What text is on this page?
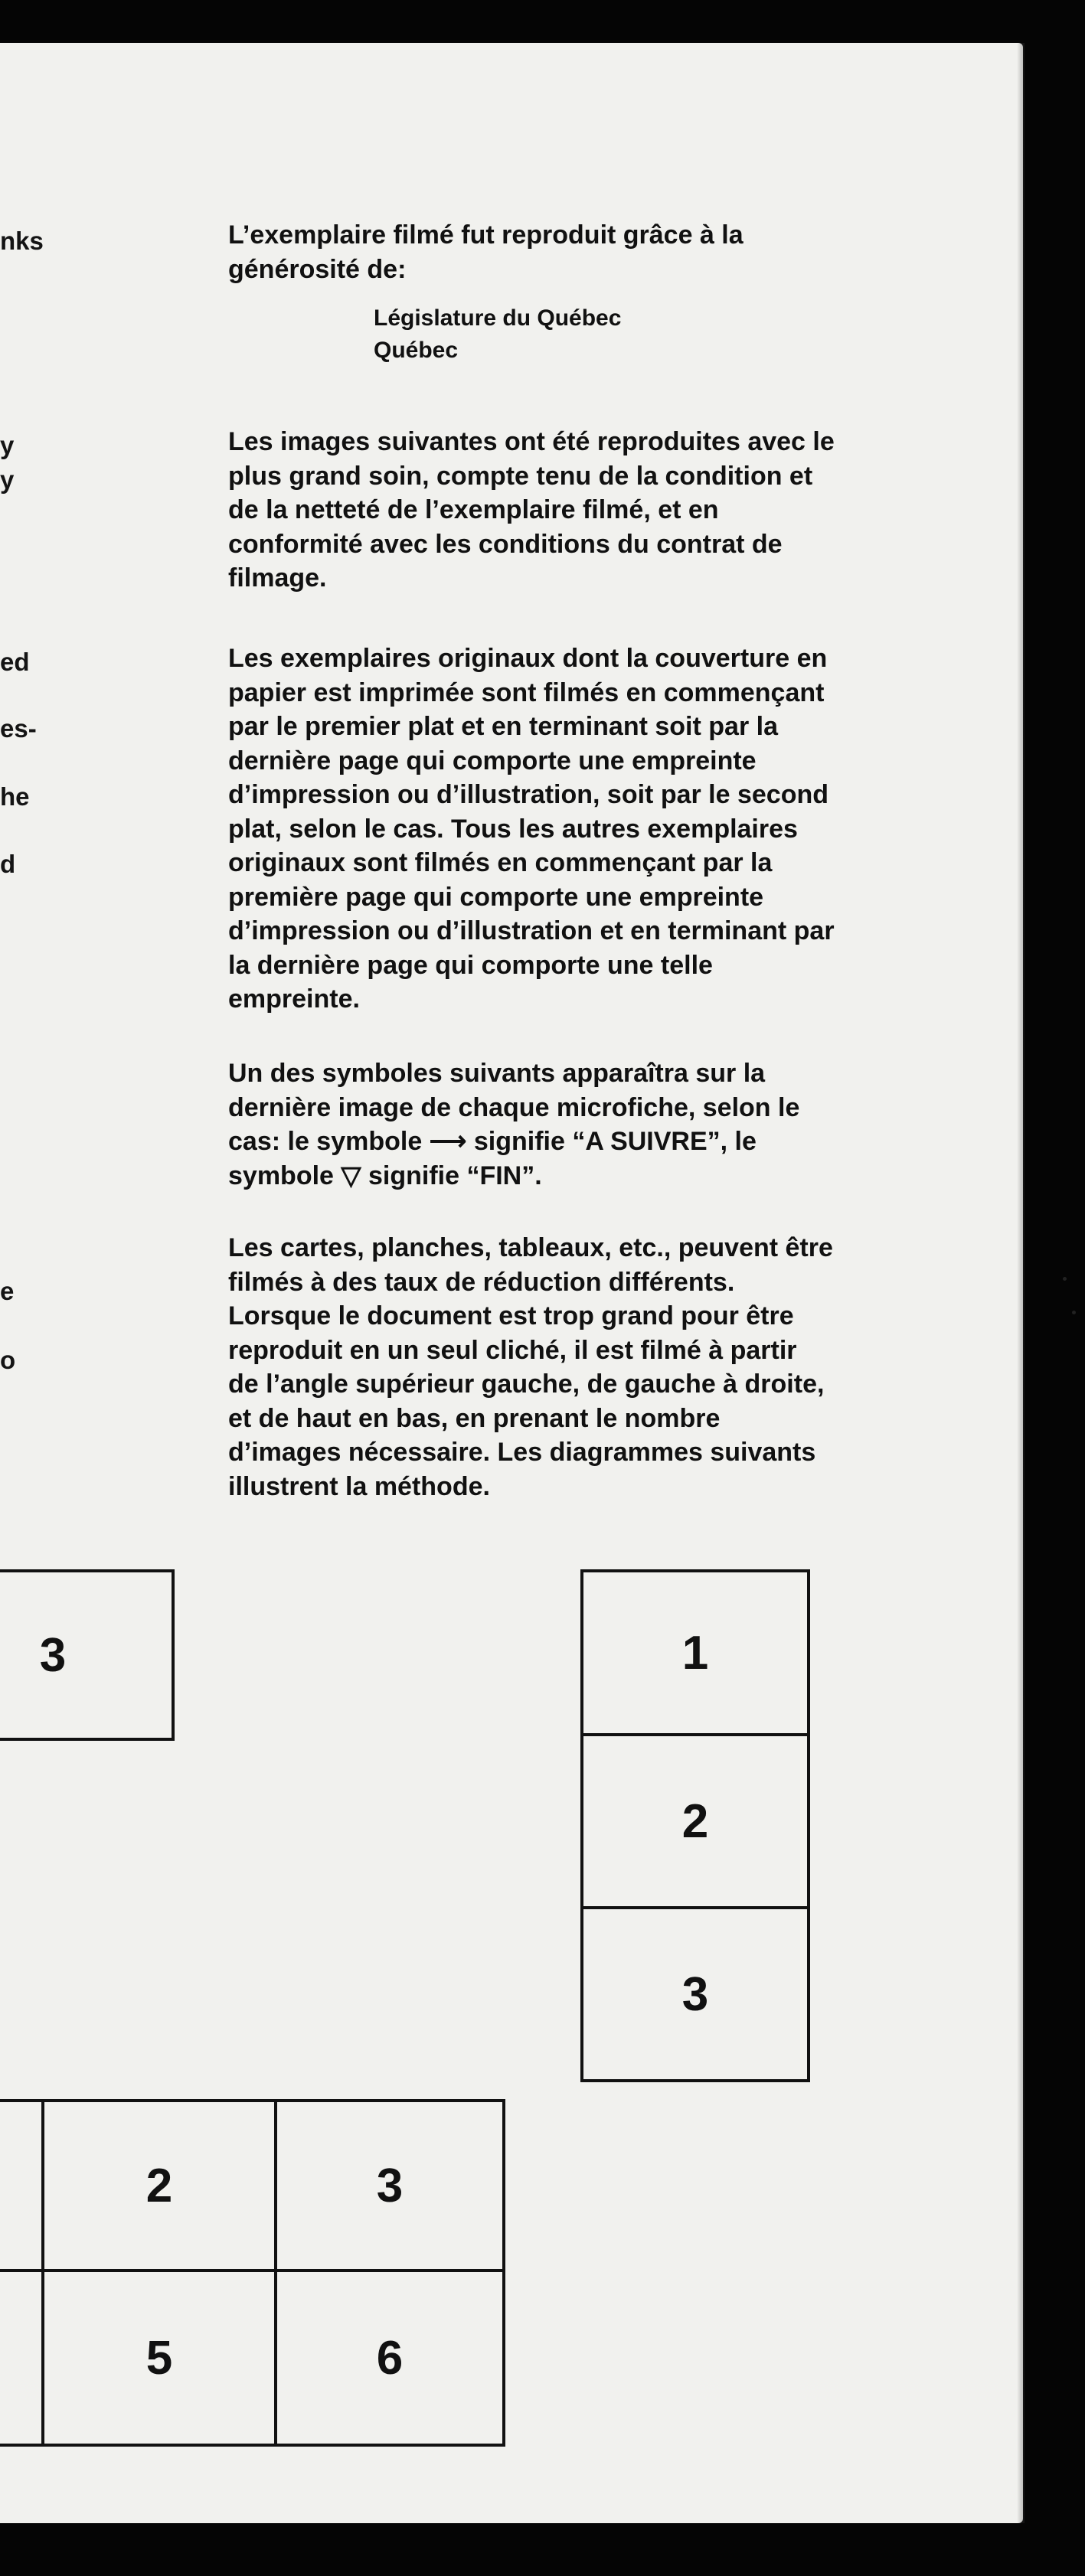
nks
y
y
ed
es-
he
d
e
o
L’exemplaire filmé fut reproduit grâce à la
générosité de:
Législature du Québec
Québec
Les images suivantes ont été reproduites avec le
plus grand soin, compte tenu de la condition et
de la netteté de l’exemplaire filmé, et en
conformité avec les conditions du contrat de
filmage.
Les exemplaires originaux dont la couverture en
papier est imprimée sont filmés en commençant
par le premier plat et en terminant soit par la
dernière page qui comporte une empreinte
d’impression ou d’illustration, soit par le second
plat, selon le cas. Tous les autres exemplaires
originaux sont filmés en commençant par la
première page qui comporte une empreinte
d’impression ou d’illustration et en terminant par
la dernière page qui comporte une telle
empreinte.
Un des symboles suivants apparaîtra sur la
dernière image de chaque microfiche, selon le
cas: le symbole ⟶ signifie “A SUIVRE”, le
symbole ▽ signifie “FIN”.
Les cartes, planches, tableaux, etc., peuvent être
filmés à des taux de réduction différents.
Lorsque le document est trop grand pour être
reproduit en un seul cliché, il est filmé à partir
de l’angle supérieur gauche, de gauche à droite,
et de haut en bas, en prenant le nombre
d’images nécessaire. Les diagrammes suivants
illustrent la méthode.
3	1
2
3
2	3
5	6
